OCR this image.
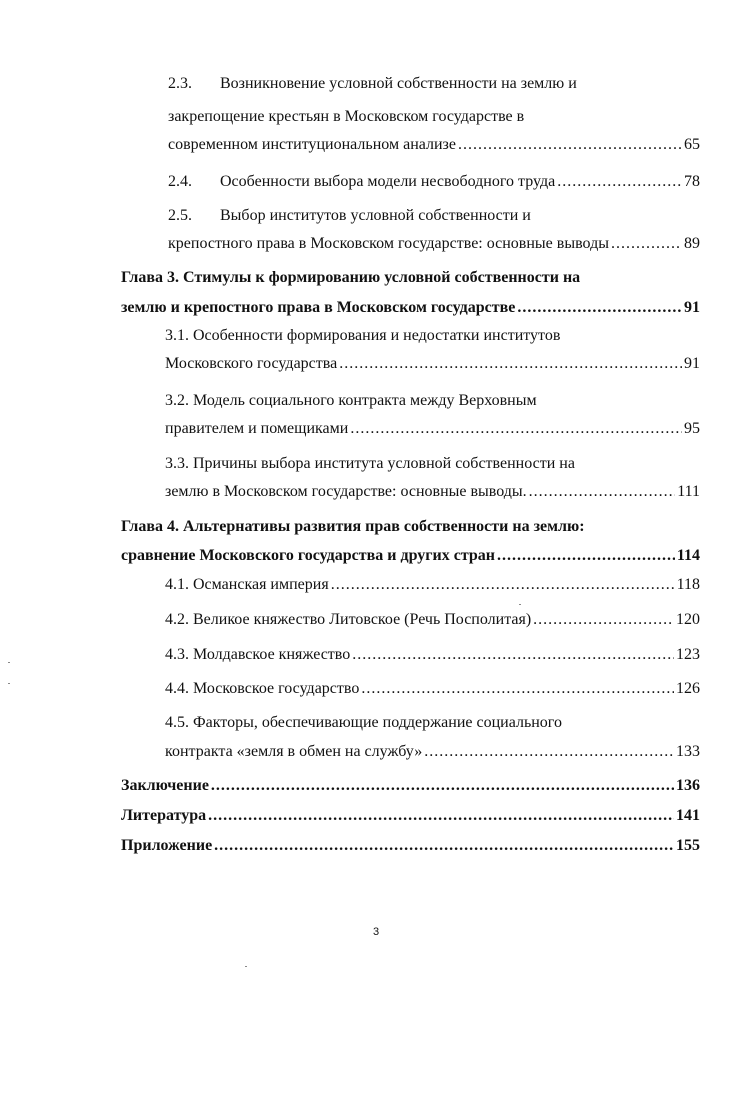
2.3. Возникновение условной собственности на землю и
закрепощение крестьян в Московском государстве в
современном институциональном анализе .....	65
2.4. Особенности выбора модели несвободного труда .....	78
2.5. Выбор институтов условной собственности и
крепостного права в Московском государстве: основные выводы .....	89
Глава 3. Стимулы к формированию условной собственности на
землю и крепостного права в Московском государстве .....	91
3.1. Особенности формирования и недостатки институтов
Московского государства .....	91
3.2. Модель социального контракта между Верховным
правителем и помещиками .....	95
3.3. Причины выбора института условной собственности на
землю в Московском государстве: основные выводы. .....	111
Глава 4. Альтернативы развития прав собственности на землю:
сравнение Московского государства и других стран .....	114
4.1. Османская империя .....	118
4.2. Великое княжество Литовское (Речь Посполитая) .....	120
4.3. Молдавское княжество .....	123
4.4. Московское государство .....	126
4.5. Факторы, обеспечивающие поддержание социального
контракта «земля в обмен на службу» .....	133
Заключение .....	136
Литература .....	141
Приложение .....	155
3
